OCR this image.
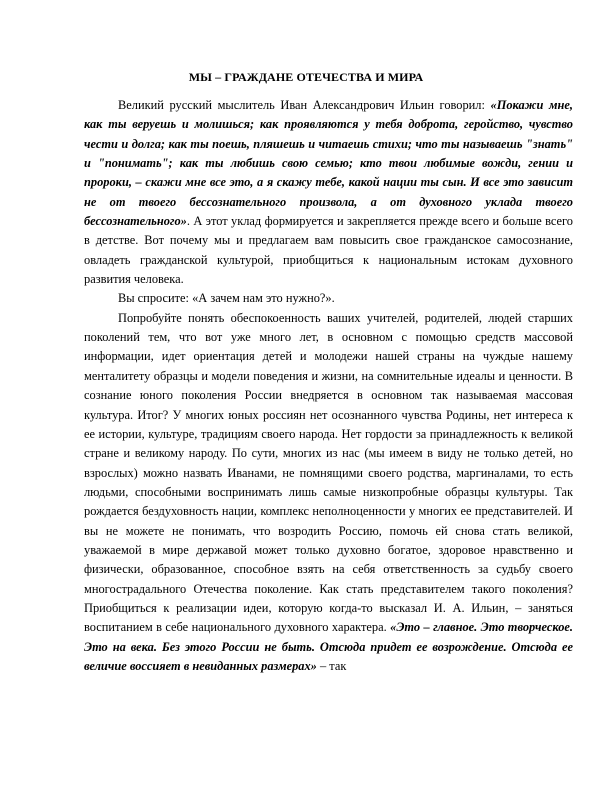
МЫ – ГРАЖДАНЕ ОТЕЧЕСТВА И МИРА

Великий русский мыслитель Иван Александрович Ильин говорил: «Покажи мне, как ты веруешь и молишься; как проявляются у тебя доброта, геройство, чувство чести и долга; как ты поешь, пляшешь и читаешь стихи; что ты называешь "знать" и "понимать"; как ты любишь свою семью; кто твои любимые вожди, гении и пророки, – скажи мне все это, а я скажу тебе, какой нации ты сын. И все это зависит не от твоего бессознательного произвола, а от духовного уклада твоего бессознательного». А этот уклад формируется и закрепляется прежде всего и больше всего в детстве. Вот почему мы и предлагаем вам повысить свое гражданское самосознание, овладеть гражданской культурой, приобщиться к национальным истокам духовного развития человека.

Вы спросите: «А зачем нам это нужно?».

Попробуйте понять обеспокоенность ваших учителей, родителей, людей старших поколений тем, что вот уже много лет, в основном с помощью средств массовой информации, идет ориентация детей и молодежи нашей страны на чуждые нашему менталитету образцы и модели поведения и жизни, на сомнительные идеалы и ценности. В сознание юного поколения России внедряется в основном так называемая массовая культура. Итог? У многих юных россиян нет осознанного чувства Родины, нет интереса к ее истории, культуре, традициям своего народа. Нет гордости за принадлежность к великой стране и великому народу. По сути, многих из нас (мы имеем в виду не только детей, но взрослых) можно назвать Иванами, не помнящими своего родства, маргиналами, то есть людьми, способными воспринимать лишь самые низкопробные образцы культуры. Так рождается бездуховность нации, комплекс неполноценности у многих ее представителей. И вы не можете не понимать, что возродить Россию, помочь ей снова стать великой, уважаемой в мире державой может только духовно богатое, здоровое нравственно и физически, образованное, способное взять на себя ответственность за судьбу своего многострадального Отечества поколение. Как стать представителем такого поколения? Приобщиться к реализации идеи, которую когда-то высказал И. А. Ильин, – заняться воспитанием в себе национального духовного характера. «Это – главное. Это творческое. Это на века. Без этого России не быть. Отсюда придет ее возрождение. Отсюда ее величие воссияет в невиданных размерах» – так
